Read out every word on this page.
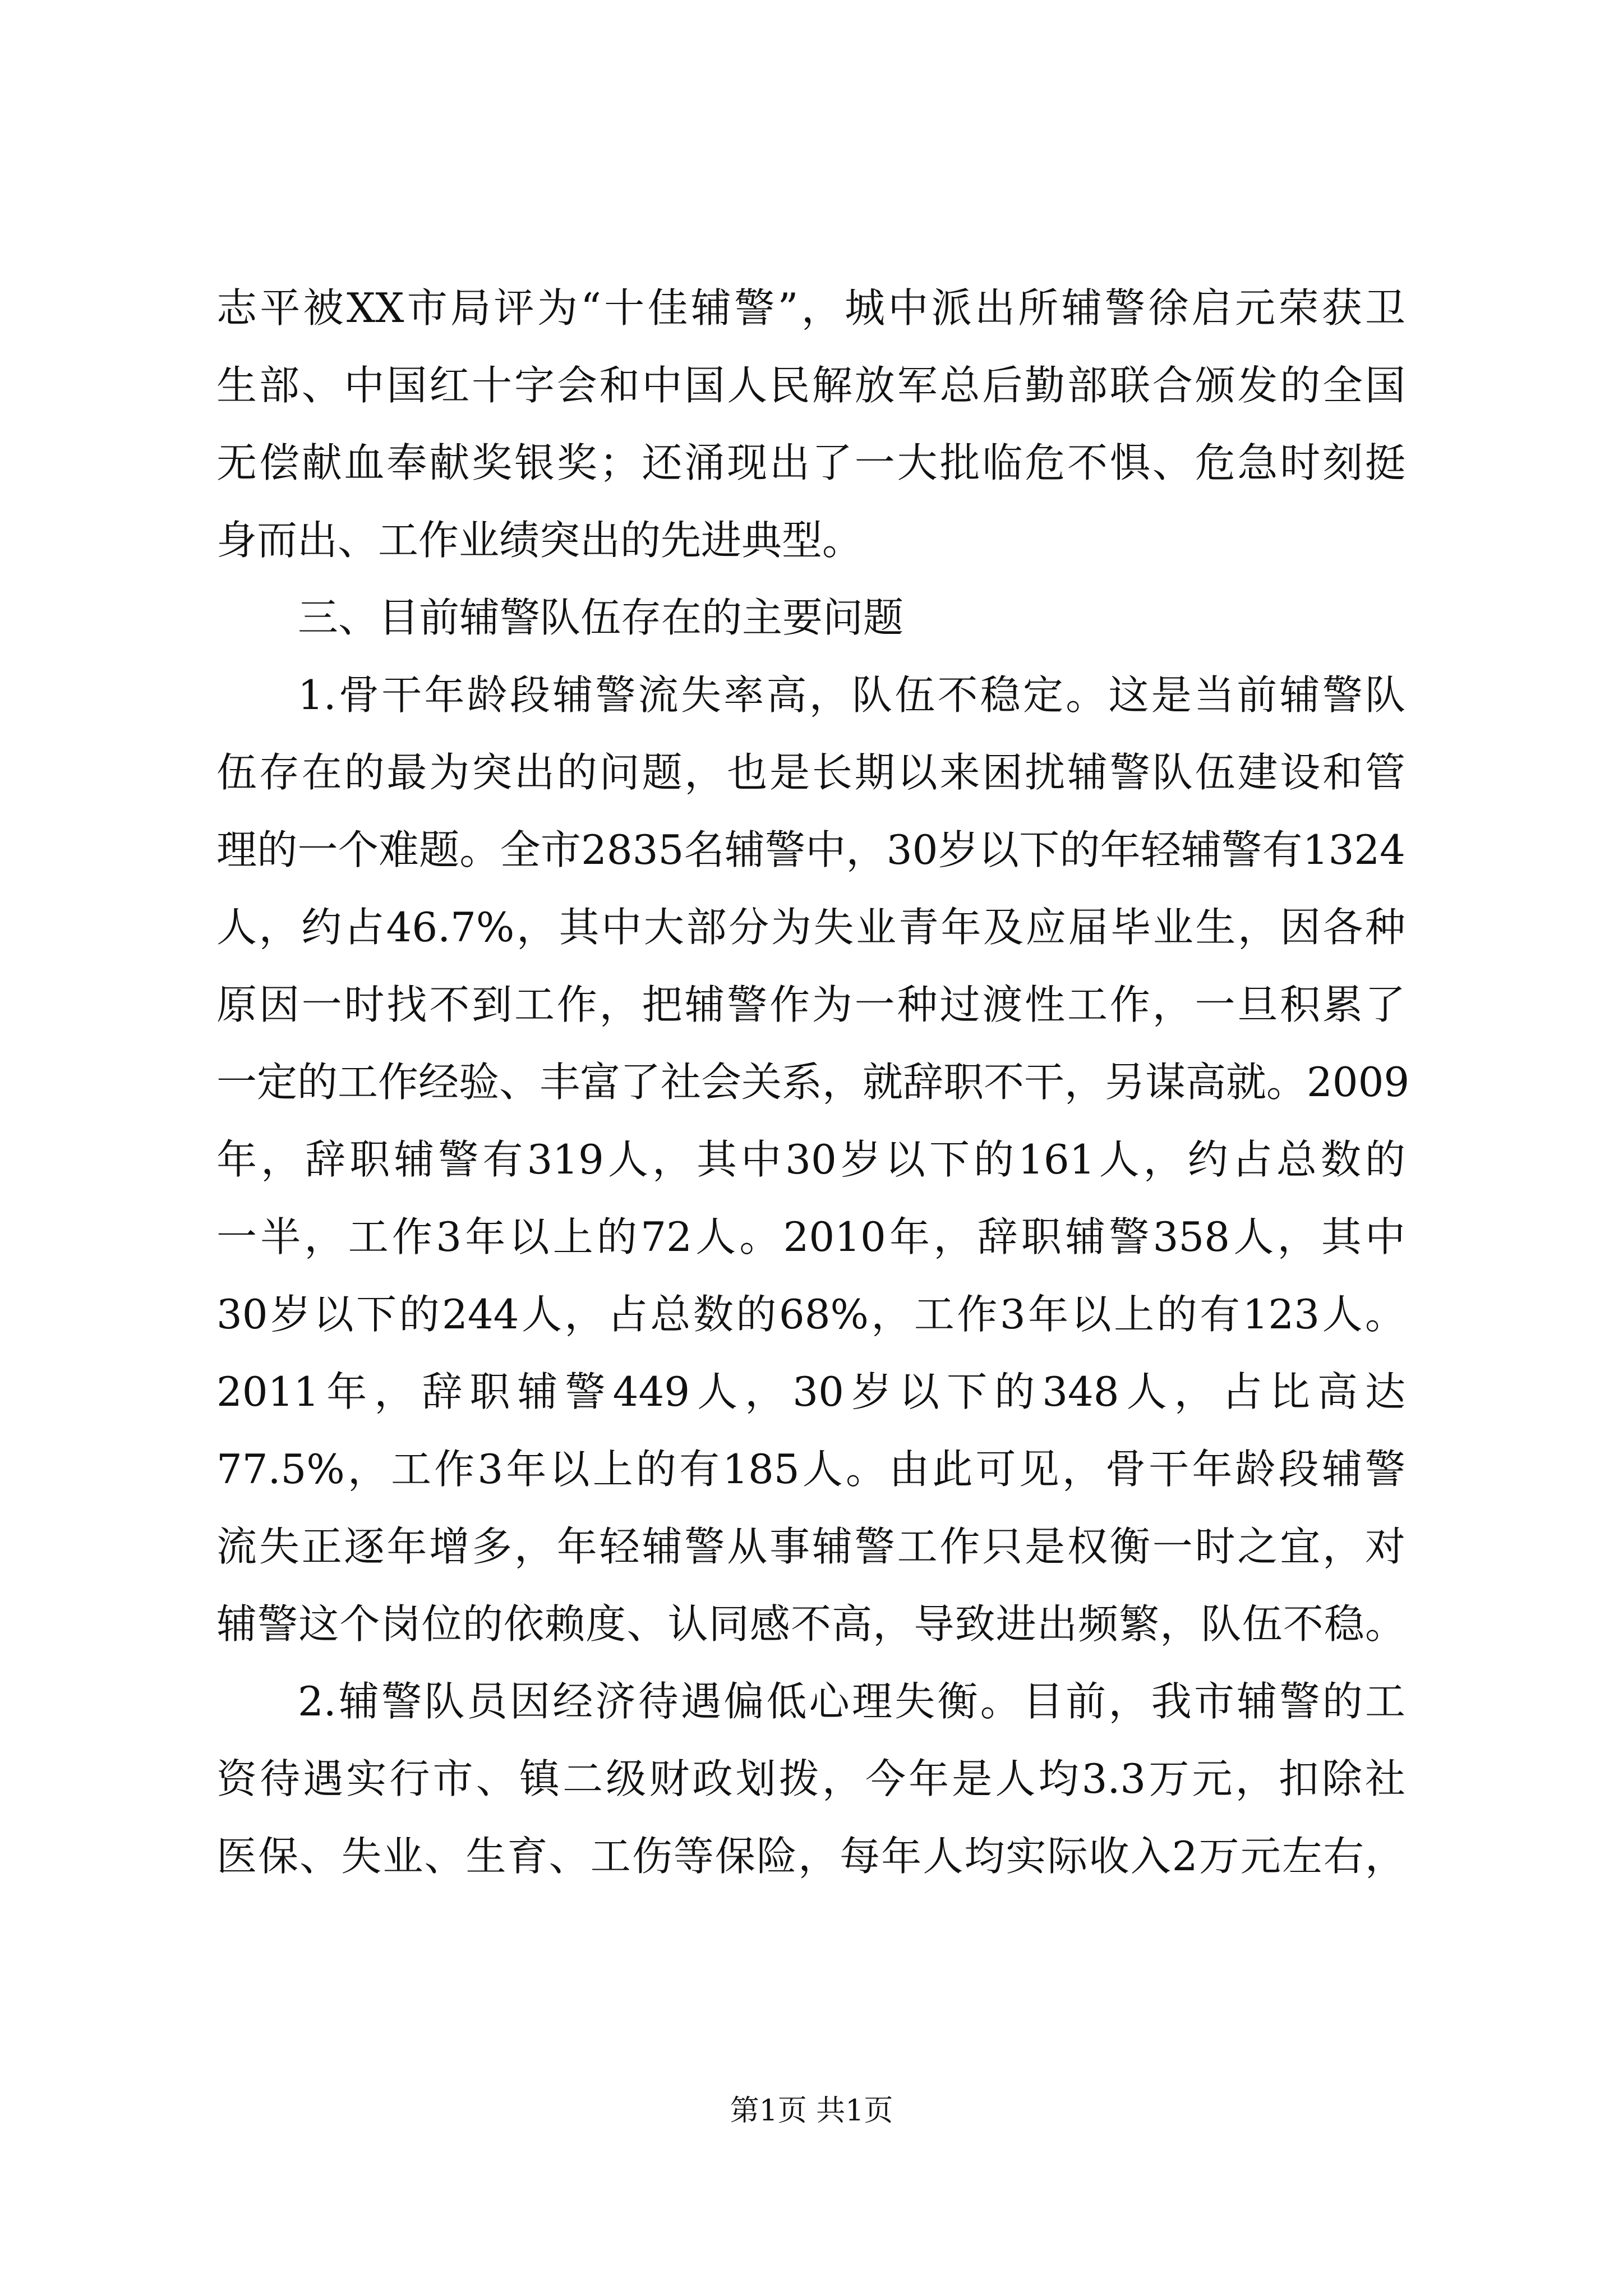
志平被XX市局评为“十佳辅警”，城中派出所辅警徐启元荣获卫
生部、中国红十字会和中国人民解放军总后勤部联合颁发的全国
无偿献血奉献奖银奖；还涌现出了一大批临危不惧、危急时刻挺
身而出、工作业绩突出的先进典型。
三、目前辅警队伍存在的主要问题
1.骨干年龄段辅警流失率高，队伍不稳定。这是当前辅警队
伍存在的最为突出的问题，也是长期以来困扰辅警队伍建设和管
理的一个难题。全市2835名辅警中，30岁以下的年轻辅警有1324
人，约占46.7%，其中大部分为失业青年及应届毕业生，因各种
原因一时找不到工作，把辅警作为一种过渡性工作，一旦积累了
一定的工作经验、丰富了社会关系，就辞职不干，另谋高就。2009
年，辞职辅警有319人，其中30岁以下的161人，约占总数的
一半，工作3年以上的72人。2010年，辞职辅警358人，其中
30岁以下的244人，占总数的68%，工作3年以上的有123人。
2011年，辞职辅警449人，30岁以下的348人，占比高达
77.5%，工作3年以上的有185人。由此可见，骨干年龄段辅警
流失正逐年增多，年轻辅警从事辅警工作只是权衡一时之宜，对
辅警这个岗位的依赖度、认同感不高，导致进出频繁，队伍不稳。
2.辅警队员因经济待遇偏低心理失衡。目前，我市辅警的工
资待遇实行市、镇二级财政划拨，今年是人均3.3万元，扣除社
医保、失业、生育、工伤等保险，每年人均实际收入2万元左右，
第1页 共1页
